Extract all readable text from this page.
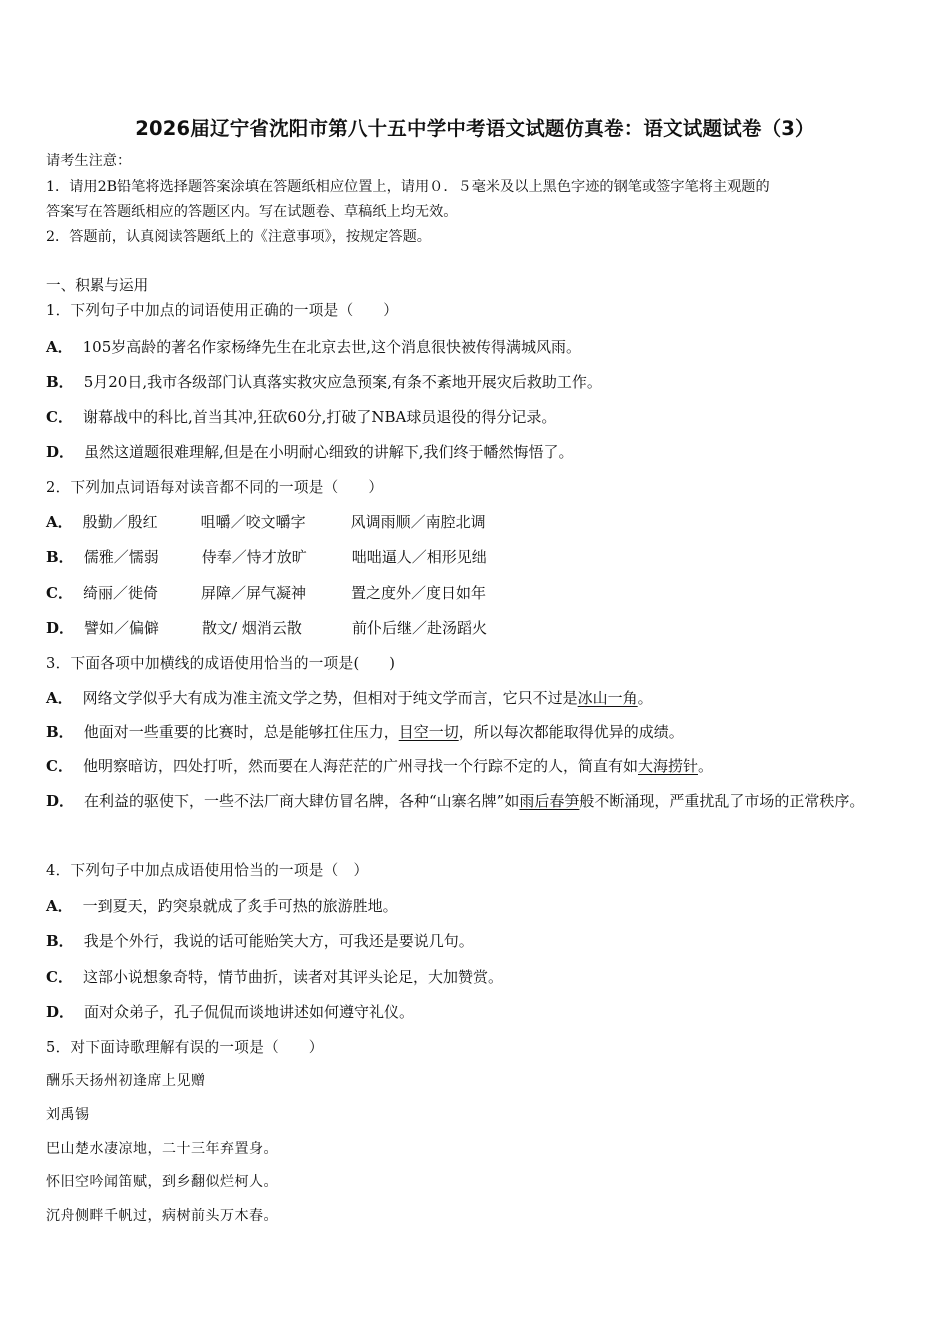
2026届辽宁省沈阳市第八十五中学中考语文试题仿真卷：语文试题试卷（3）
请考生注意：
1．请用2B铅笔将选择题答案涂填在答题纸相应位置上，请用０．５毫米及以上黑色字迹的钢笔或签字笔将主观题的
答案写在答题纸相应的答题区内。写在试题卷、草稿纸上均无效。
2．答题前，认真阅读答题纸上的《注意事项》，按规定答题。
一、积累与运用
1．下列句子中加点的词语使用正确的一项是（　　）
A． 105岁高龄的著名作家杨绛先生在北京去世,这个消息很快被传得满城风雨。
B． 5月20日,我市各级部门认真落实救灾应急预案,有条不紊地开展灾后救助工作。
C． 谢幕战中的科比,首当其冲,狂砍60分,打破了NBA球员退役的得分记录。
D． 虽然这道题很难理解,但是在小明耐心细致的讲解下,我们终于幡然悔悟了。
2．下列加点词语每对读音都不同的一项是（　　）
A． 殷勤／殷红	咀嚼／咬文嚼字	风调雨顺／南腔北调
B． 儒雅／懦弱	侍奉／恃才放旷	咄咄逼人／相形见绌
C． 绮丽／徙倚	屏障／屏气凝神	置之度外／度日如年
D． 譬如／偏僻	散文/ 烟消云散	前仆后继／赴汤蹈火
3．下面各项中加横线的成语使用恰当的一项是(　　)
A． 网络文学似乎大有成为准主流文学之势，但相对于纯文学而言，它只不过是冰山一角。
B． 他面对一些重要的比赛时，总是能够扛住压力，目空一切，所以每次都能取得优异的成绩。
C． 他明察暗访，四处打听，然而要在人海茫茫的广州寻找一个行踪不定的人，简直有如大海捞针。
D． 在利益的驱使下，一些不法厂商大肆仿冒名牌，各种“山寨名牌”如雨后春笋般不断涌现，严重扰乱了市场的正常秩序。
4．下列句子中加点成语使用恰当的一项是（　）
A． 一到夏天，趵突泉就成了炙手可热的旅游胜地。
B． 我是个外行，我说的话可能贻笑大方，可我还是要说几句。
C． 这部小说想象奇特，情节曲折，读者对其评头论足，大加赞赏。
D． 面对众弟子，孔子侃侃而谈地讲述如何遵守礼仪。
5．对下面诗歌理解有误的一项是（　　）
酬乐天扬州初逢席上见赠
刘禹锡
巴山楚水凄凉地，二十三年弃置身。
怀旧空吟闻笛赋，到乡翻似烂柯人。
沉舟侧畔千帆过，病树前头万木春。
